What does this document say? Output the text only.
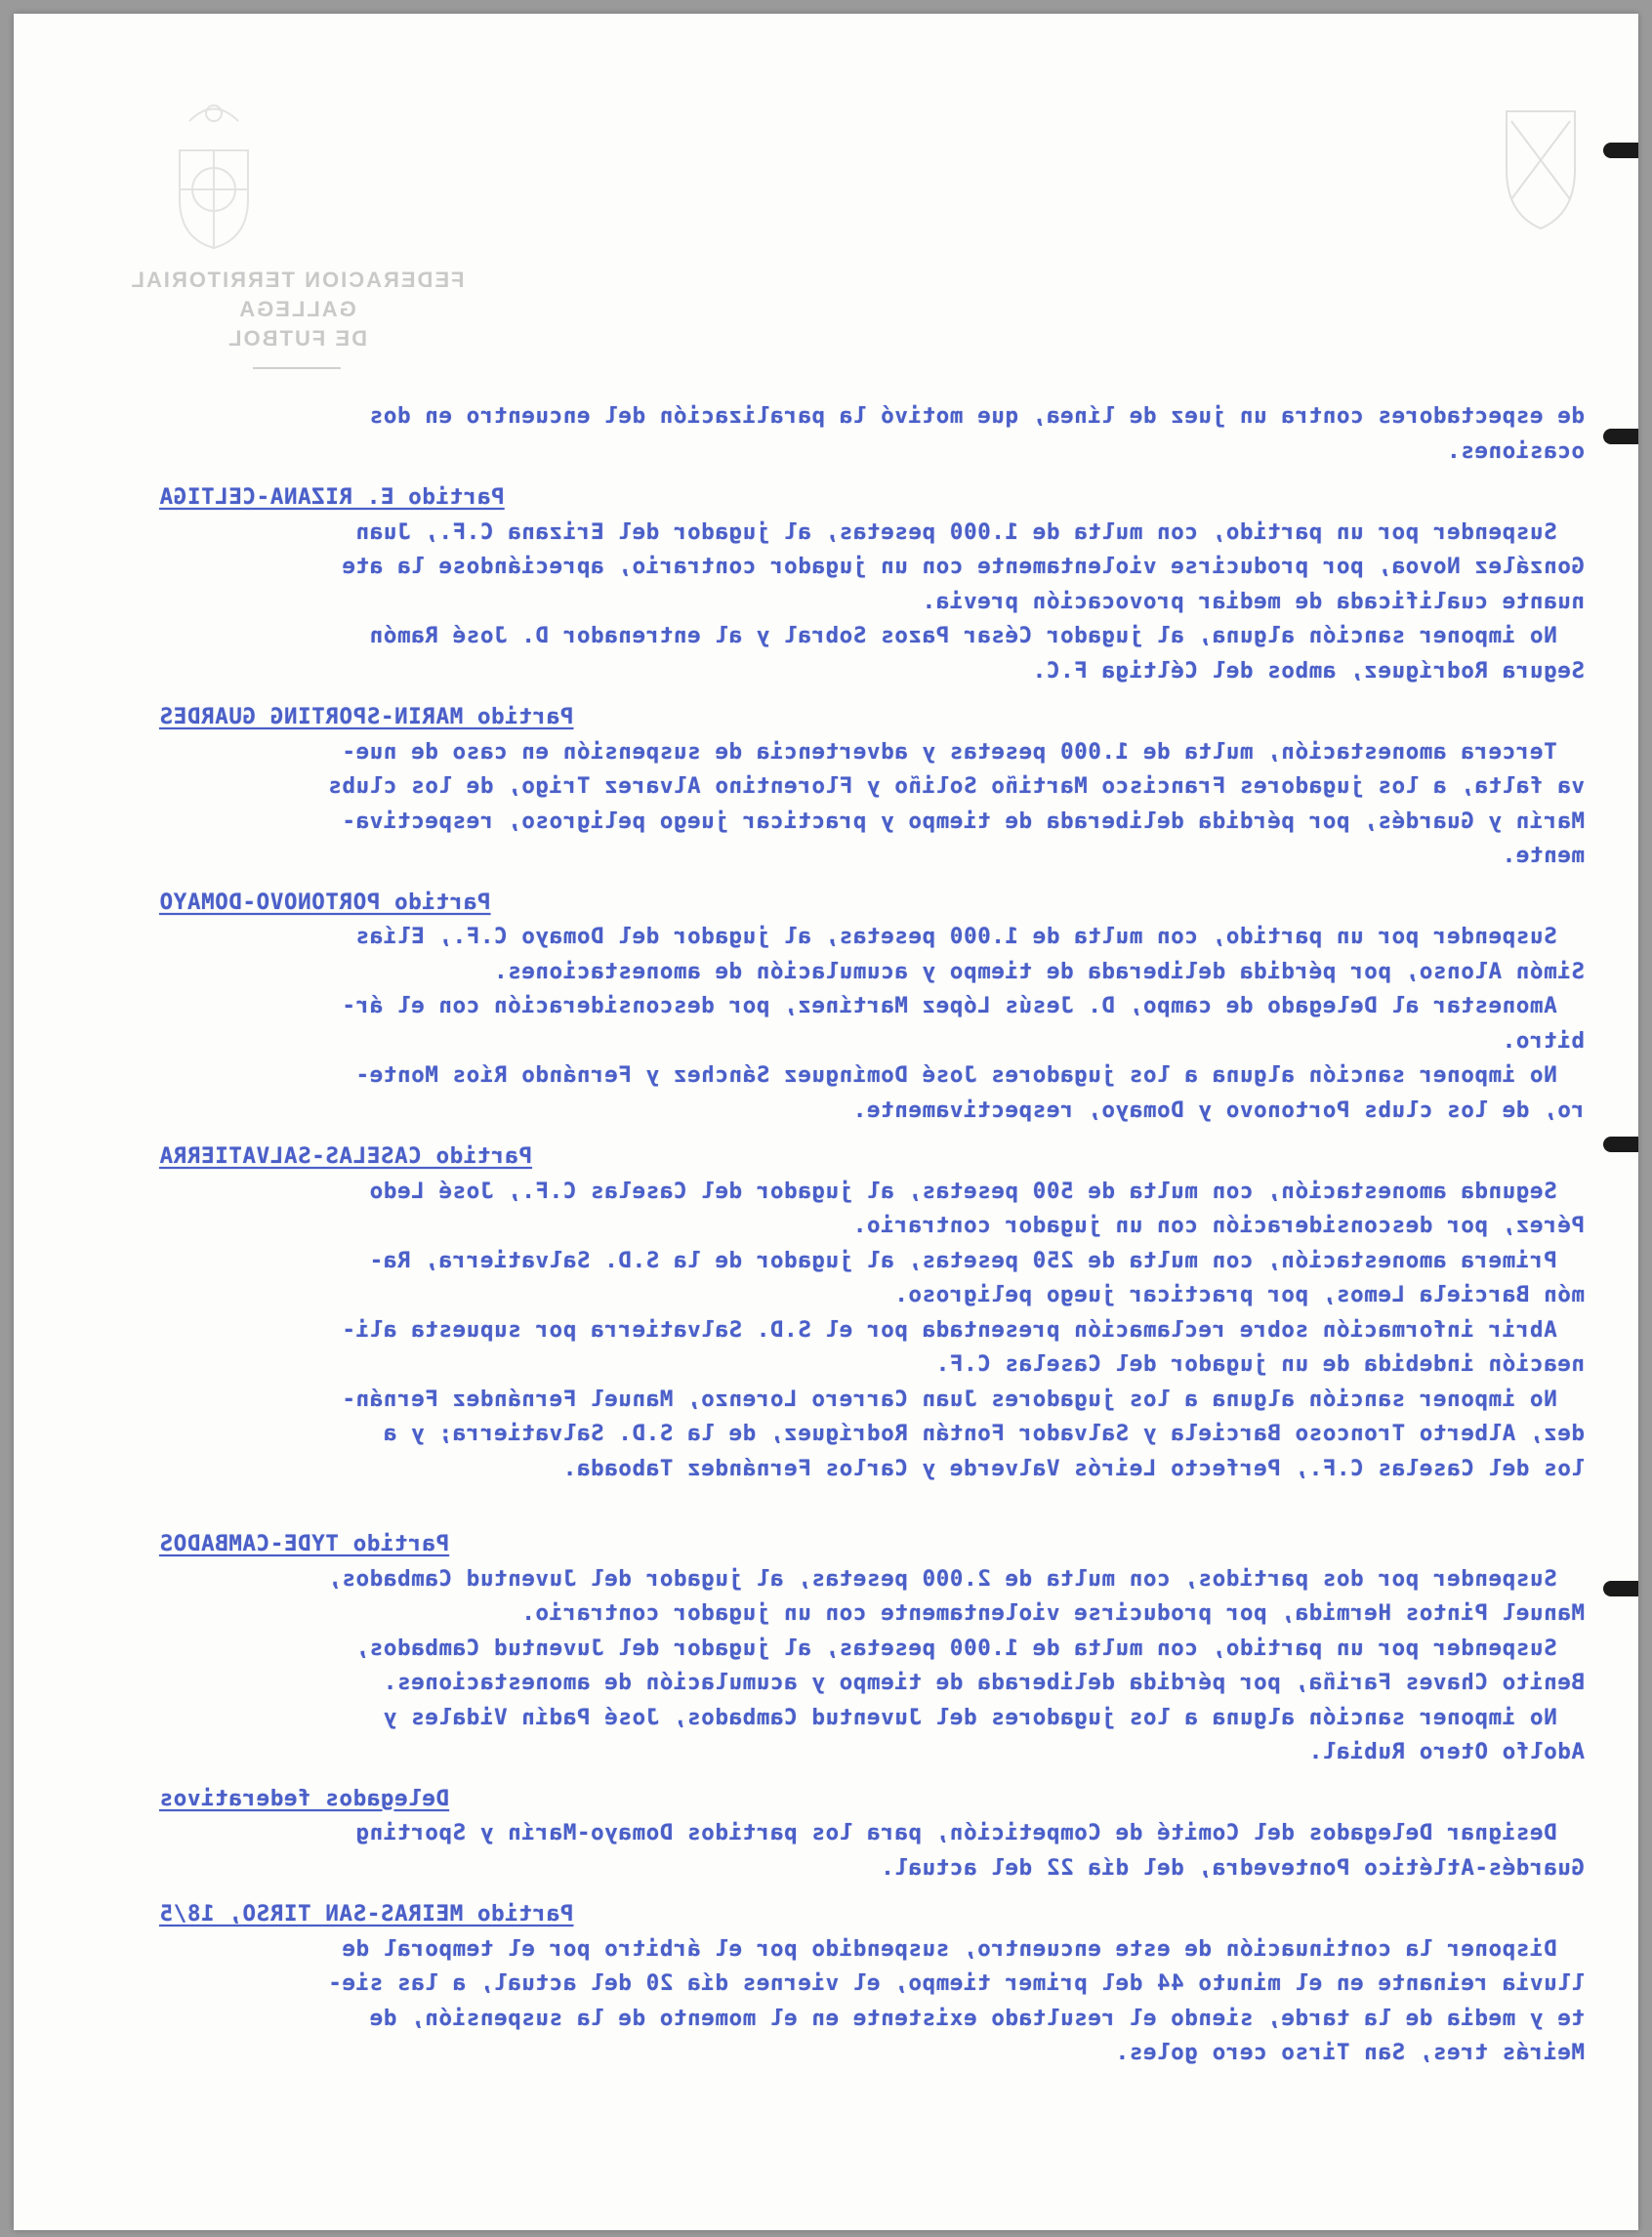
FEDERACION TERRITORIAL GALLEGA
DE FUTBOL
de espectadores contra un juez de línea, que motivó la paralización del encuentro en dos
ocasiones.
Partido E. RIZANA-CELTIGA
Suspender por un partido, con multa de 1.000 pesetas, al jugador del Erizana C.F., Juan
González Novoa, por producirse violentamente con un jugador contrario, apreciándose la ate
nuante cualificada de mediar provocación previa.
No imponer sanción alguna, al jugador César Pazos Sobral y al entrenador D. José Ramón
Segura Rodríguez, ambos del Céltiga F.C.
Partido MARIN-SPORTING GUARDES
Tercera amonestación, multa de 1.000 pesetas y advertencia de suspensión en caso de nue-
va falta, a los jugadores Francisco Martiño Soliño y Florentino Alvarez Trigo, de los clubs
Marín y Guardés, por pérdida deliberada de tiempo y practicar juego peligroso, respectiva-
mente.
Partido PORTONOVO-DOMAYO
Suspender por un partido, con multa de 1.000 pesetas, al jugador del Domayo C.F., Elías
Simón Alonso, por pérdida deliberada de tiempo y acumulación de amonestaciones.
Amonestar al Delegado de campo, D. Jesús López Martínez, por desconsideración con el ár-
bitro.
No imponer sanción alguna a los jugadores José Domínguez Sánchez y Fernándo Ríos Monte-
ro, de los clubs Portonovo y Domayo, respectivamente.
Partido CASELAS-SALVATIERRA
Segunda amonestación, con multa de 500 pesetas, al jugador del Caselas C.F., José Ledo
Pérez, por desconsideración con un jugador contrario.
Primera amonestación, con multa de 250 pesetas, al jugador de la S.D. Salvatierra, Ra-
món Barciela Lemos, por practicar juego peligroso.
Abrir información sobre reclamación presentada por el S.D. Salvatierra por supuesta ali-
neación indebida de un jugador del Caselas C.F.
No imponer sanción alguna a los jugadores Juan Carrero Lorenzo, Manuel Fernández Fernán-
dez, Alberto Troncoso Barciela y Salvador Fontán Rodríguez, de la S.D. Salvatierra; y a
los del Caselas C.F., Perfecto Leirós Valverde y Carlos Fernández Taboada.
Partido TYDE-CAMBADOS
Suspender por dos partidos, con multa de 2.000 pesetas, al jugador del Juventud Cambados,
Manuel Pintos Hermida, por producirse violentamente con un jugador contrario.
Suspender por un partido, con multa de 1.000 pesetas, al jugador del Juventud Cambados,
Benito Chaves Fariña, por pérdida deliberada de tiempo y acumulación de amonestaciones.
No imponer sanción alguna a los jugadores del Juventud Cambados, José Padín Vidales y
Adolfo Otero Rubial.
Delegados federativos
Designar Delegados del Comité de Competición, para los partidos Domayo-Marín y Sporting
Guardés-Atlético Pontevedra, del día 22 del actual.
Partido MEIRAS-SAN TIRSO, 18/5
Disponer la continuación de este encuentro, suspendido por el árbitro por el temporal de
lluvia reinante en el minuto 44 del primer tiempo, el viernes día 20 del actual, a las sie-
te y media de la tarde, siendo el resultado existente en el momento de la suspensión, de
Meirás tres, San Tirso cero goles.
